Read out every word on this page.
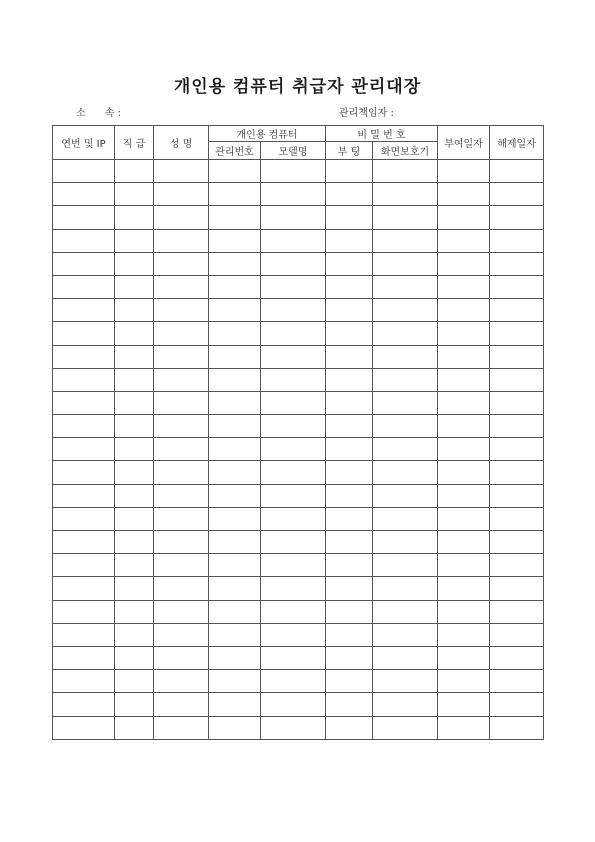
개인용 컴퓨터 취급자 관리대장
소      속 :	관리책임자 :
연번 및 IP	직 급	성 명	개인용 컴퓨터		비 밀 번 호		부여일자	해제일자
			관리번호	모델명	부 팅	화면보호기		
